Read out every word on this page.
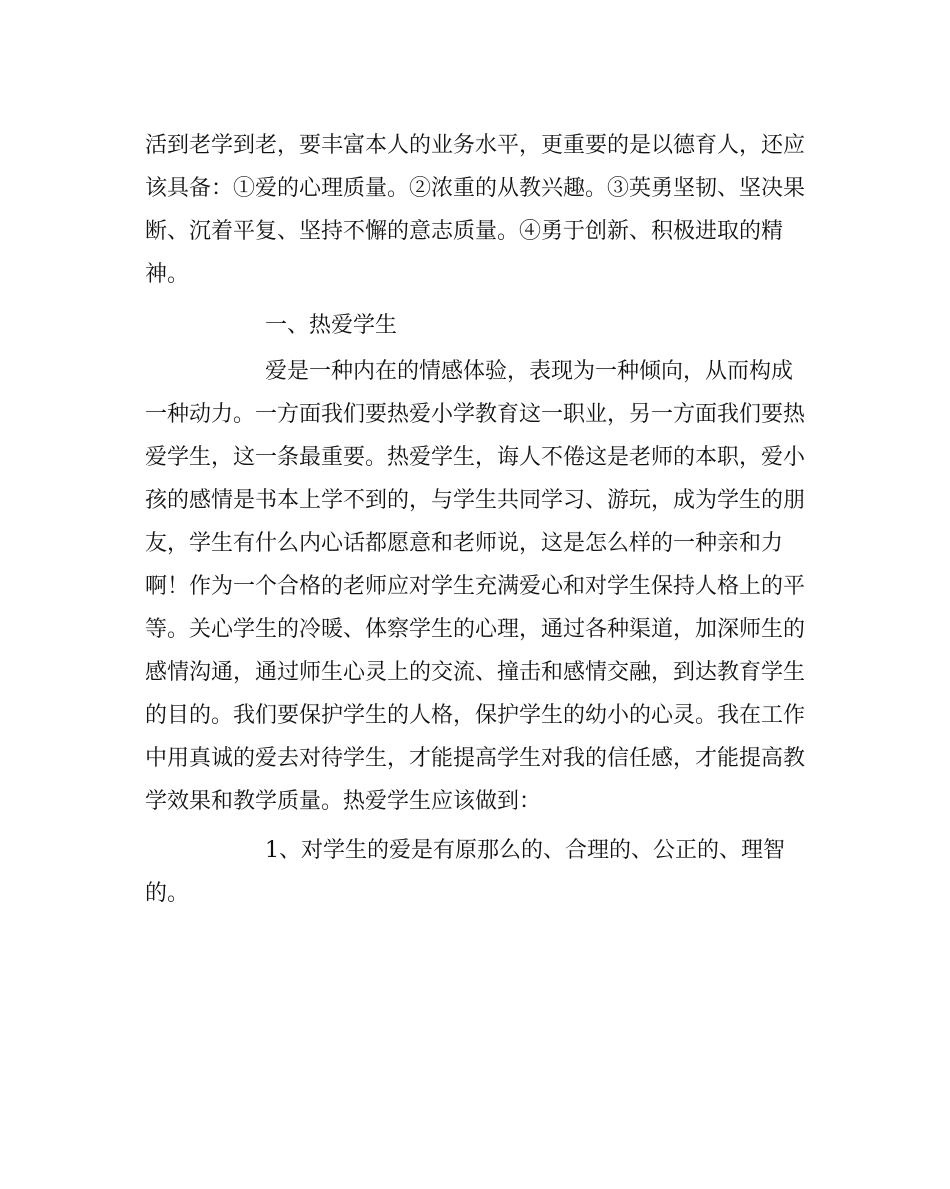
活到老学到老，要丰富本人的业务水平，更重要的是以德育人，还应
该具备：①爱的心理质量。②浓重的从教兴趣。③英勇坚韧、坚决果
断、沉着平复、坚持不懈的意志质量。④勇于创新、积极进取的精
神。
一、热爱学生
爱是一种内在的情感体验，表现为一种倾向，从而构成
一种动力。一方面我们要热爱小学教育这一职业，另一方面我们要热
爱学生，这一条最重要。热爱学生，诲人不倦这是老师的本职，爱小
孩的感情是书本上学不到的，与学生共同学习、游玩，成为学生的朋
友，学生有什么内心话都愿意和老师说，这是怎么样的一种亲和力
啊！作为一个合格的老师应对学生充满爱心和对学生保持人格上的平
等。关心学生的冷暖、体察学生的心理，通过各种渠道，加深师生的
感情沟通，通过师生心灵上的交流、撞击和感情交融，到达教育学生
的目的。我们要保护学生的人格，保护学生的幼小的心灵。我在工作
中用真诚的爱去对待学生，才能提高学生对我的信任感，才能提高教
学效果和教学质量。热爱学生应该做到：
1、对学生的爱是有原那么的、合理的、公正的、理智
的。
